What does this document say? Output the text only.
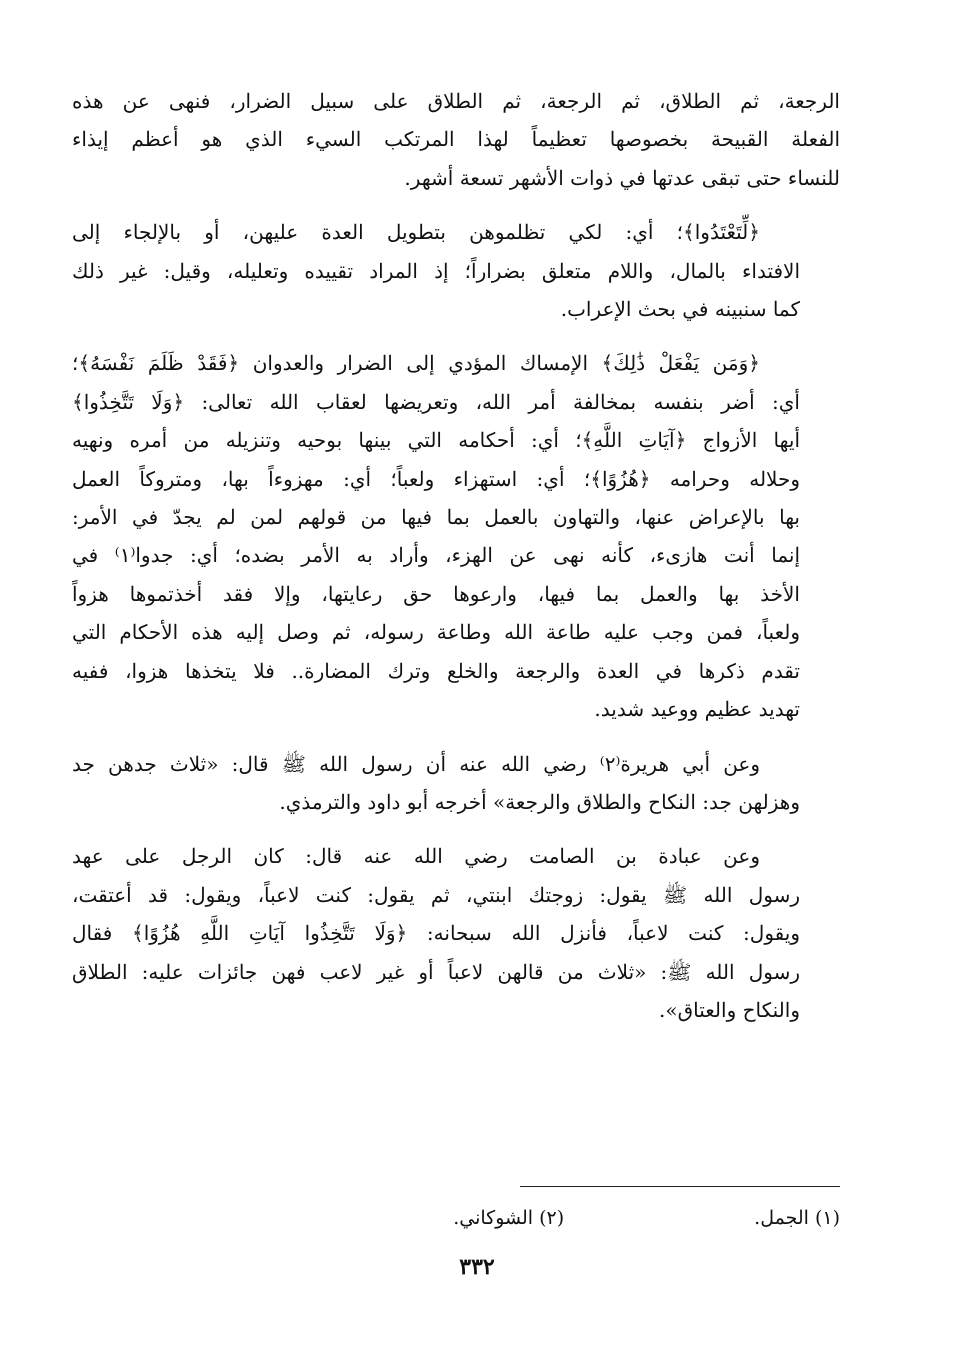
الرجعة، ثم الطلاق، ثم الرجعة، ثم الطلاق على سبيل الضرار، فنهى عن هذه
الفعلة القبيحة بخصوصها تعظيماً لهذا المرتكب السيء الذي هو أعظم إيذاء
للنساء حتى تبقى عدتها في ذوات الأشهر تسعة أشهر.
﴿لِّتَعْتَدُوا﴾؛ أي: لكي تظلموهن بتطويل العدة عليهن، أو بالإلجاء إلى
الافتداء بالمال، واللام متعلق بضراراً؛ إذ المراد تقييده وتعليله، وقيل: غير ذلك
كما سنبينه في بحث الإعراب.
﴿وَمَن يَفْعَلْ ذَٰلِكَ﴾ الإمساك المؤدي إلى الضرار والعدوان ﴿فَقَدْ ظَلَمَ نَفْسَهُ﴾؛
أي: أضر بنفسه بمخالفة أمر الله، وتعريضها لعقاب الله تعالى: ﴿وَلَا تَتَّخِذُوا﴾
أيها الأزواج ﴿آيَاتِ اللَّهِ﴾؛ أي: أحكامه التي بينها بوحيه وتنزيله من أمره ونهيه
وحلاله وحرامه ﴿هُزُوًا﴾؛ أي: استهزاء ولعباً؛ أي: مهزوءاً بها، ومتروكاً العمل
بها بالإعراض عنها، والتهاون بالعمل بما فيها من قولهم لمن لم يجدّ في الأمر:
إنما أنت هازىء، كأنه نهى عن الهزء، وأراد به الأمر بضده؛ أي: جدوا⁽١⁾ في
الأخذ بها والعمل بما فيها، وارعوها حق رعايتها، وإلا فقد أخذتموها هزواً
ولعباً، فمن وجب عليه طاعة الله وطاعة رسوله، ثم وصل إليه هذه الأحكام التي
تقدم ذكرها في العدة والرجعة والخلع وترك المضارة.. فلا يتخذها هزوا، ففيه
تهديد عظيم ووعيد شديد.
وعن أبي هريرة⁽٢⁾ رضي الله عنه أن رسول الله ﷺ قال: «ثلاث جدهن جد
وهزلهن جد: النكاح والطلاق والرجعة» أخرجه أبو داود والترمذي.
وعن عبادة بن الصامت رضي الله عنه قال: كان الرجل على عهد
رسول الله ﷺ يقول: زوجتك ابنتي، ثم يقول: كنت لاعباً، ويقول: قد أعتقت،
ويقول: كنت لاعباً، فأنزل الله سبحانه: ﴿وَلَا تَتَّخِذُوا آيَاتِ اللَّهِ هُزُوًا﴾ فقال
رسول الله ﷺ: «ثلاث من قالهن لاعباً أو غير لاعب فهن جائزات عليه: الطلاق
والنكاح والعتاق».
(١) الجمل.
(٢) الشوكاني.
٣٣٢
